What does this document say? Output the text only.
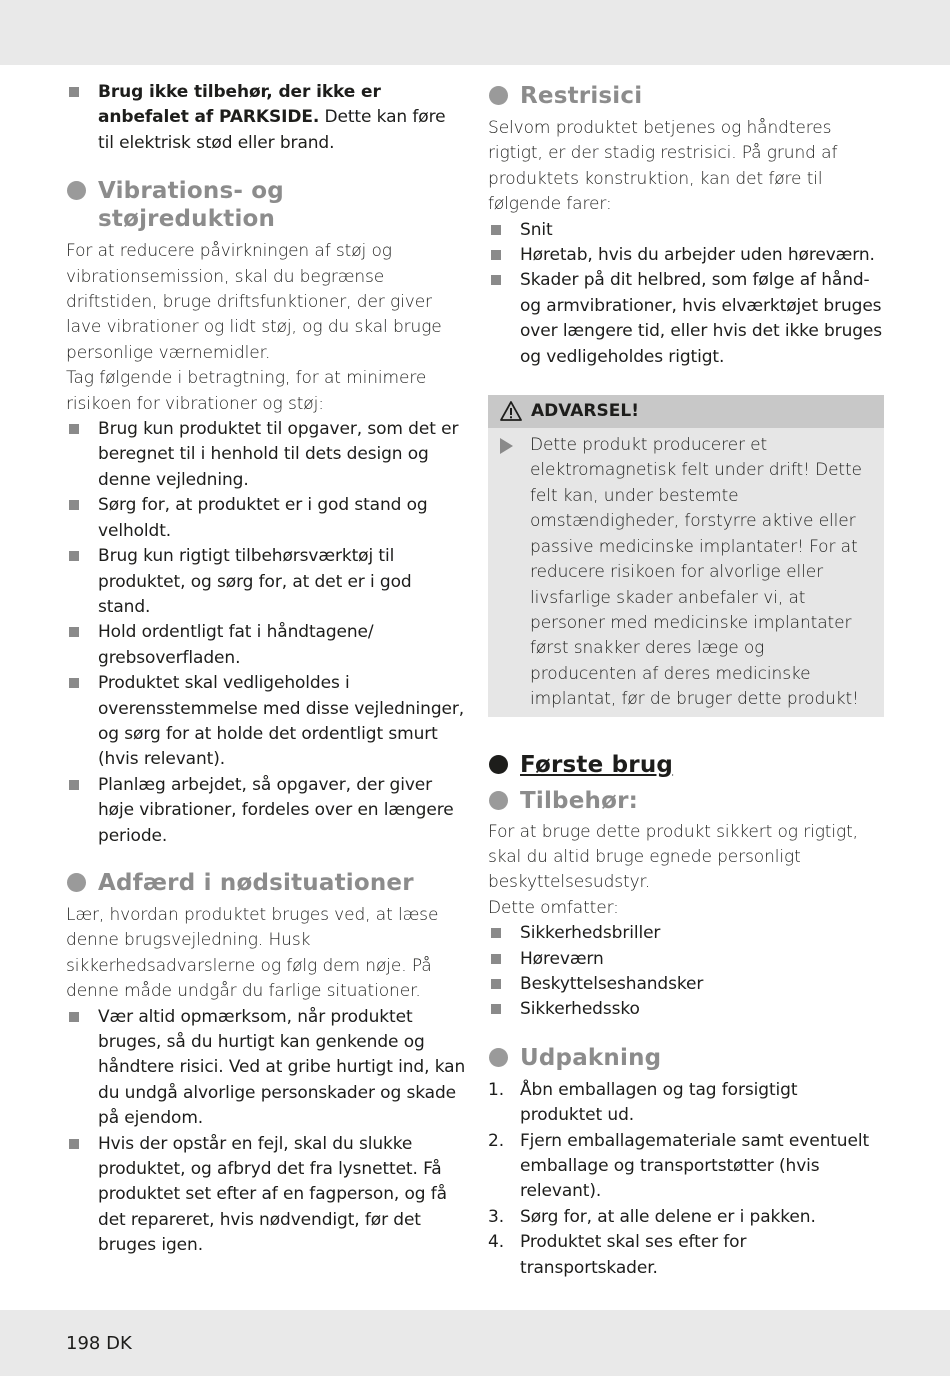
Brug ikke tilbehør, der ikke er anbefalet af PARKSIDE. Dette kan føre til elektrisk stød eller brand.
Vibrations- og støjreduktion

For at reducere påvirkningen af støj og vibrationsemission, skal du begrænse driftstiden, bruge driftsfunktioner, der giver lave vibrationer og lidt støj, og du skal bruge personlige værnemidler.

Tag følgende i betragtning, for at minimere risikoen for vibrationer og støj:

Brug kun produktet til opgaver, som det er beregnet til i henhold til dets design og denne vejledning.
Sørg for, at produktet er i god stand og velholdt.
Brug kun rigtigt tilbehørsværktøj til produktet, og sørg for, at det er i god stand.
Hold ordentligt fat i håndtagene/ grebsoverfladen.
Produktet skal vedligeholdes i overensstemmelse med disse vejledninger, og sørg for at holde det ordentligt smurt (hvis relevant).
Planlæg arbejdet, så opgaver, der giver høje vibrationer, fordeles over en længere periode.
Adfærd i nødsituationer

Lær, hvordan produktet bruges ved, at læse denne brugsvejledning. Husk sikkerhedsadvarslerne og følg dem nøje. På denne måde undgår du farlige situationer.

Vær altid opmærksom, når produktet bruges, så du hurtigt kan genkende og håndtere risici. Ved at gribe hurtigt ind, kan du undgå alvorlige personskader og skade på ejendom.
Hvis der opstår en fejl, skal du slukke produktet, og afbryd det fra lysnettet. Få produktet set efter af en fagperson, og få det repareret, hvis nødvendigt, før det bruges igen.
Restrisici

Selvom produktet betjenes og håndteres rigtigt, er der stadig restrisici. På grund af produktets konstruktion, kan det føre til følgende farer:

Snit
Høretab, hvis du arbejder uden høreværn.
Skader på dit helbred, som følge af hånd- og armvibrationer, hvis elværktøjet bruges over længere tid, eller hvis det ikke bruges og vedligeholdes rigtigt.
ADVARSEL!

Dette produkt producerer et elektromagnetisk felt under drift! Dette felt kan, under bestemte omstændigheder, forstyrre aktive eller passive medicinske implantater! For at reducere risikoen for alvorlige eller livsfarlige skader anbefaler vi, at personer med medicinske implantater først snakker deres læge og producenten af deres medicinske implantat, før de bruger dette produkt!

Første brug
Tilbehør:

For at bruge dette produkt sikkert og rigtigt, skal du altid bruge egnede personligt beskyttelsesudstyr.

Dette omfatter:

Sikkerhedsbriller
Høreværn
Beskyttelseshandsker
Sikkerhedssko
Udpakning
1. Åbn emballagen og tag forsigtigt produktet ud.
2. Fjern emballagemateriale samt eventuelt emballage og transportstøtter (hvis relevant).
3. Sørg for, at alle delene er i pakken.
4. Produktet skal ses efter for transportskader.
198 DK
